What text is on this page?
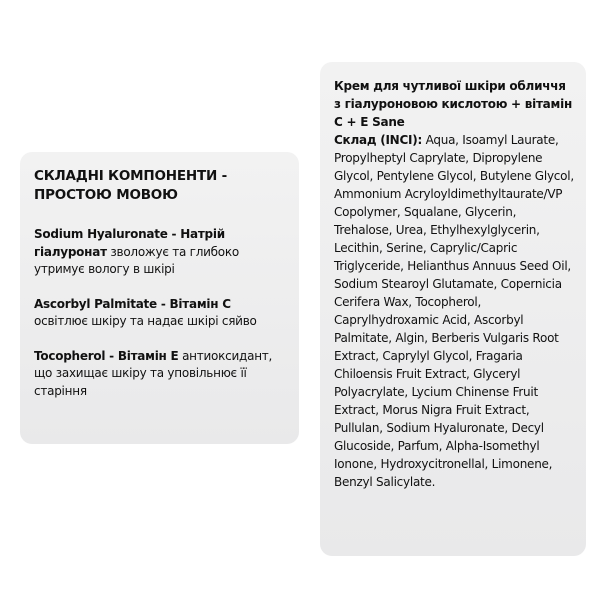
СКЛАДНІ КОМПОНЕНТИ - ПРОСТОЮ МОВОЮ
Sodium Hyaluronate - Натрій гіалуронат зволожує та глибоко утримує вологу в шкірі
Ascorbyl Palmitate - Вітамін С освітлює шкіру та надає шкірі сяйво
Tocopherol - Вітамін Е антиоксидант, що захищає шкіру та уповільнює її старіння
Крем для чутливої шкіри обличчя з гіалуроновою кислотою + вітамін С + Е Sane
Склад (INCI): Aqua, Isoamyl Laurate, Propylheptyl Caprylate, Dipropylene Glycol, Pentylene Glycol, Butylene Glycol, Ammonium Acryloyldimethyltaurate/VP Copolymer, Squalane, Glycerin, Trehalose, Urea, Ethylhexylglycerin, Lecithin, Serine, Caprylic/Capric Triglyceride, Helianthus Annuus Seed Oil, Sodium Stearoyl Glutamate, Copernicia Cerifera Wax, Tocopherol, Caprylhydroxamic Acid, Ascorbyl Palmitate, Algin, Berberis Vulgaris Root Extract, Caprylyl Glycol, Fragaria Chiloensis Fruit Extract, Glyceryl Polyacrylate, Lycium Chinense Fruit Extract, Morus Nigra Fruit Extract, Pullulan, Sodium Hyaluronate, Decyl Glucoside, Parfum, Alpha-Isomethyl Ionone, Hydroxycitronellal, Limonene, Benzyl Salicylate.
